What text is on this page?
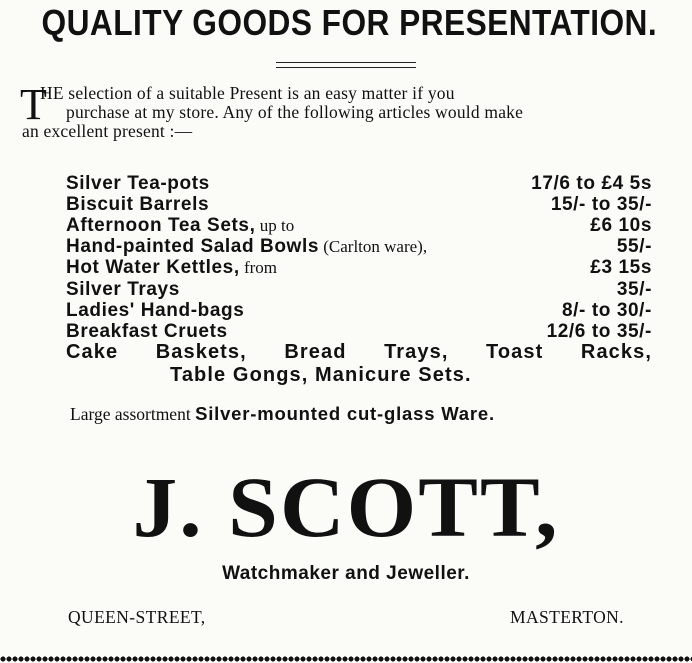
QUALITY GOODS FOR PRESENTATION.
T
HE selection of a suitable Present is an easy matter if you
purchase at my store. Any of the following articles would make
an excellent present :—
Silver Tea-pots	17/6 to £4 5s
Biscuit Barrels	15/- to 35/-
Afternoon Tea Sets, up to	£6 10s
Hand-painted Salad Bowls (Carlton ware),	55/-
Hot Water Kettles, from	£3 15s
Silver Trays	35/-
Ladies' Hand-bags	8/- to 30/-
Breakfast Cruets	12/6 to 35/-
Cake Baskets, Bread Trays, Toast Racks,
Table Gongs, Manicure Sets.
Large assortment Silver-mounted cut-glass Ware.
J. SCOTT,
Watchmaker and Jeweller.
QUEEN-STREET,	MASTERTON.
